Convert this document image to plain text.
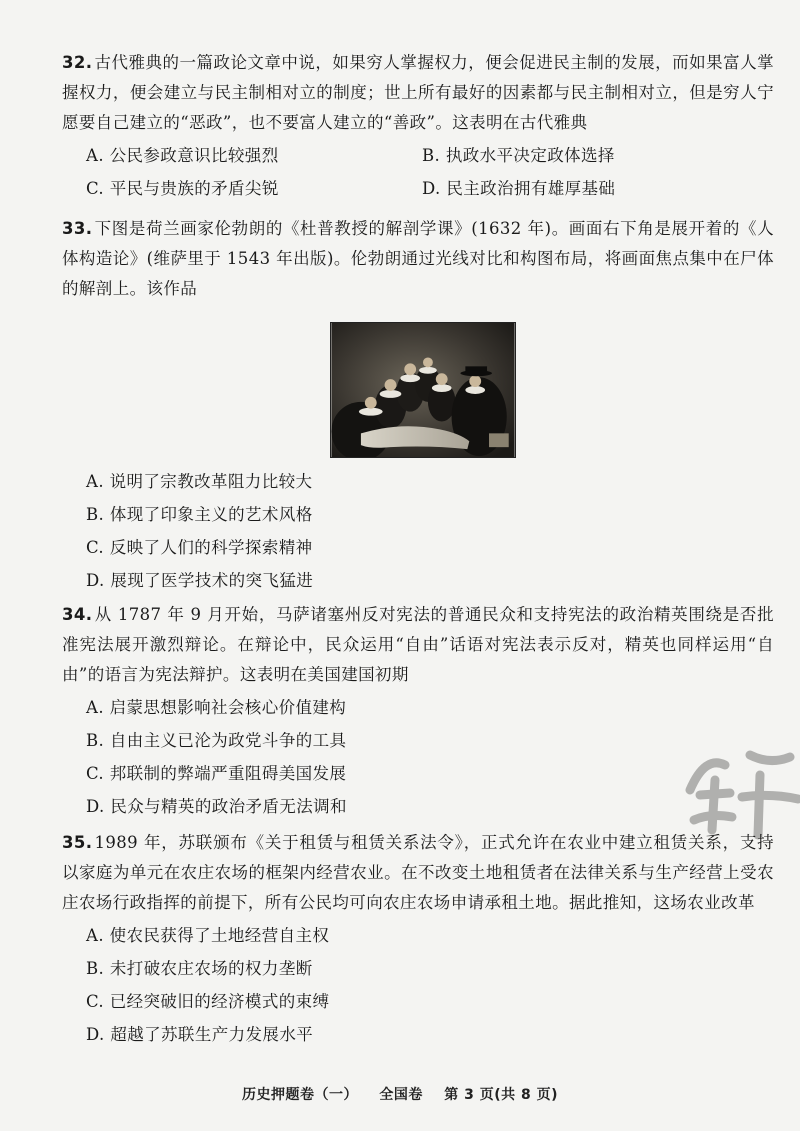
32. 古代雅典的一篇政论文章中说，如果穷人掌握权力，便会促进民主制的发展，而如果富人掌握权力，便会建立与民主制相对立的制度；世上所有最好的因素都与民主制相对立，但是穷人宁愿要自己建立的“恶政”，也不要富人建立的“善政”。这表明在古代雅典

A. 公民参政意识比较强烈	B. 执政水平决定政体选择
C. 平民与贵族的矛盾尖锐	D. 民主政治拥有雄厚基础

33. 下图是荷兰画家伦勃朗的《杜普教授的解剖学课》(1632 年)。画面右下角是展开着的《人体构造论》(维萨里于 1543 年出版)。伦勃朗通过光线对比和构图布局，将画面焦点集中在尸体的解剖上。该作品

A. 说明了宗教改革阻力比较大
B. 体现了印象主义的艺术风格
C. 反映了人们的科学探索精神
D. 展现了医学技术的突飞猛进

34. 从 1787 年 9 月开始，马萨诸塞州反对宪法的普通民众和支持宪法的政治精英围绕是否批准宪法展开激烈辩论。在辩论中，民众运用“自由”话语对宪法表示反对，精英也同样运用“自由”的语言为宪法辩护。这表明在美国建国初期

A. 启蒙思想影响社会核心价值建构
B. 自由主义已沦为政党斗争的工具
C. 邦联制的弊端严重阻碍美国发展
D. 民众与精英的政治矛盾无法调和

35. 1989 年，苏联颁布《关于租赁与租赁关系法令》，正式允许在农业中建立租赁关系，支持以家庭为单元在农庄农场的框架内经营农业。在不改变土地租赁者在法律关系与生产经营上受农庄农场行政指挥的前提下，所有公民均可向农庄农场申请承租土地。据此推知，这场农业改革

A. 使农民获得了土地经营自主权
B. 未打破农庄农场的权力垄断
C. 已经突破旧的经济模式的束缚
D. 超越了苏联生产力发展水平
历史押题卷（一） 全国卷 第 3 页(共 8 页)
